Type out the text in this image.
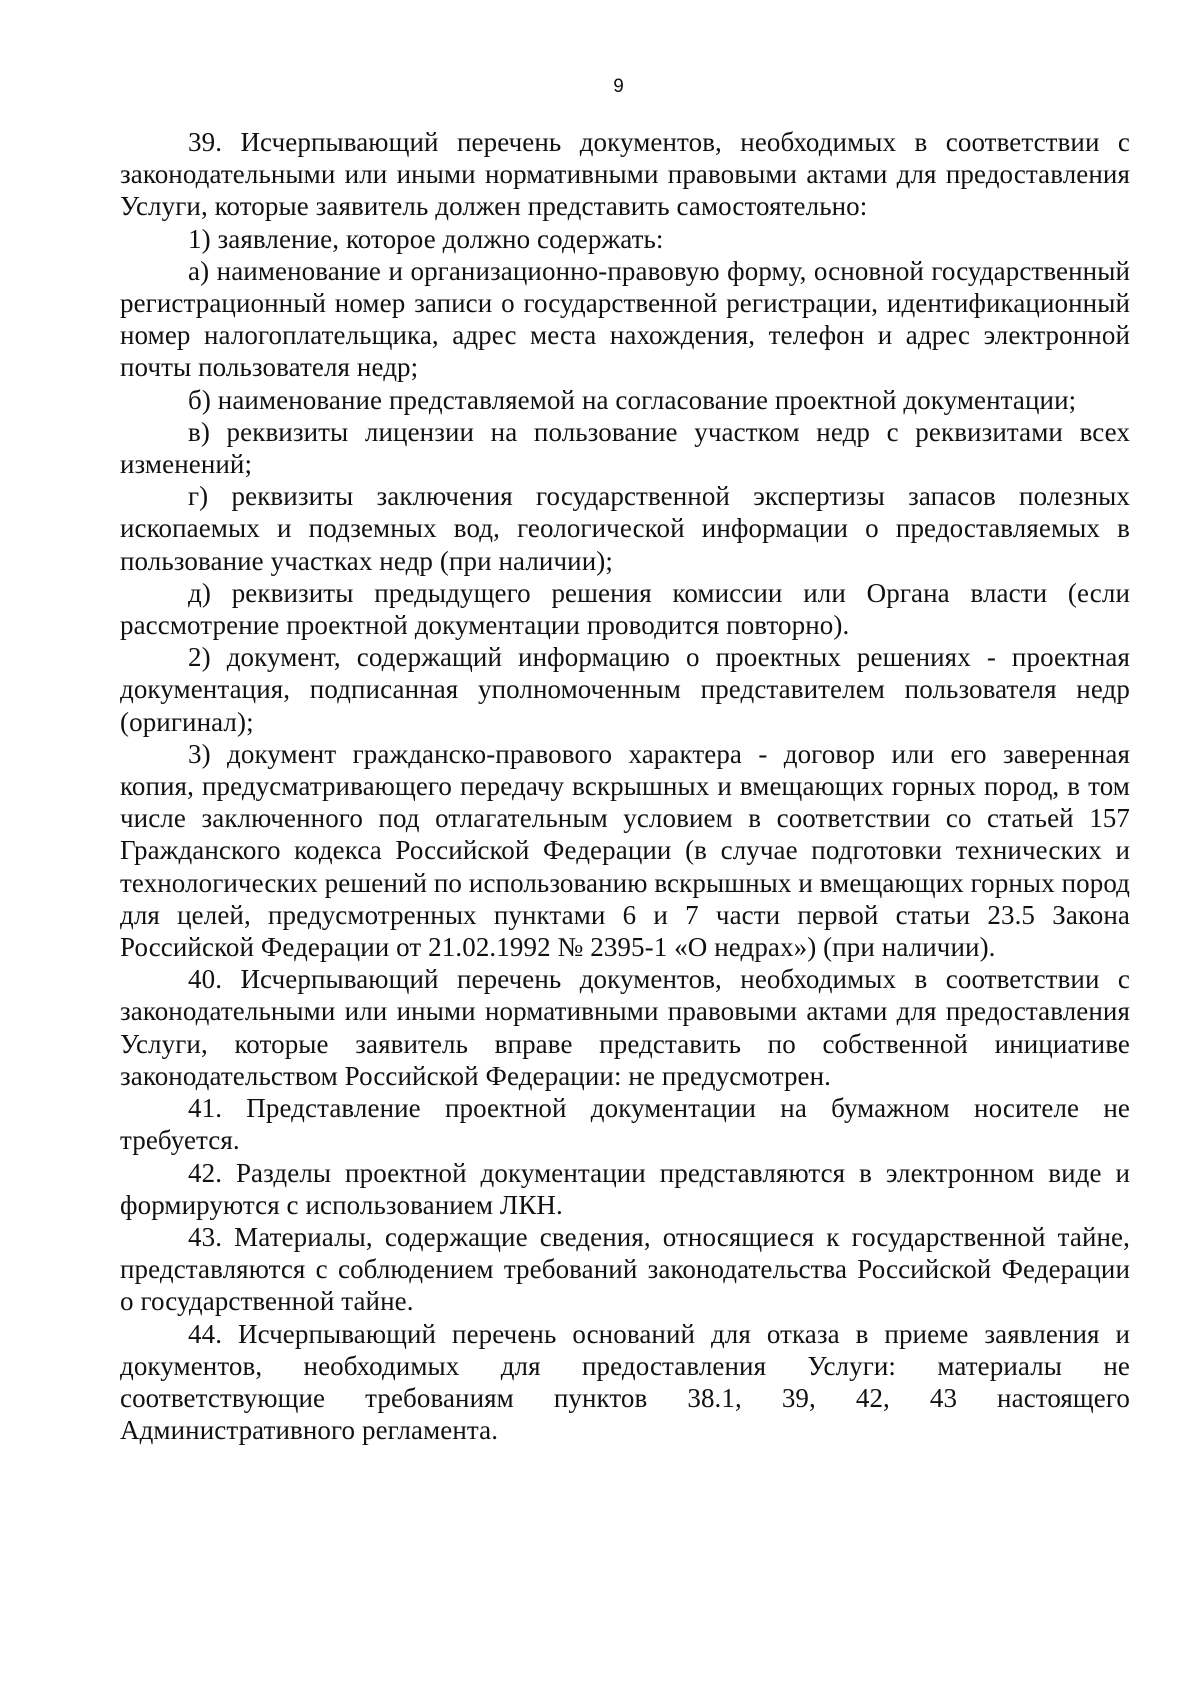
9

39. Исчерпывающий перечень документов, необходимых в соответствии с законодательными или иными нормативными правовыми актами для предоставления Услуги, которые заявитель должен представить самостоятельно:

1) заявление, которое должно содержать:

а) наименование и организационно-правовую форму, основной государственный регистрационный номер записи о государственной регистрации, идентификационный номер налогоплательщика, адрес места нахождения, телефон и адрес электронной почты пользователя недр;

б) наименование представляемой на согласование проектной документации;

в) реквизиты лицензии на пользование участком недр с реквизитами всех изменений;

г) реквизиты заключения государственной экспертизы запасов полезных ископаемых и подземных вод, геологической информации о предоставляемых в пользование участках недр (при наличии);

д) реквизиты предыдущего решения комиссии или Органа власти (если рассмотрение проектной документации проводится повторно).

2) документ, содержащий информацию о проектных решениях - проектная документация, подписанная уполномоченным представителем пользователя недр (оригинал);

3) документ гражданско-правового характера - договор или его заверенная копия, предусматривающего передачу вскрышных и вмещающих горных пород, в том числе заключенного под отлагательным условием в соответствии со статьей 157 Гражданского кодекса Российской Федерации (в случае подготовки технических и технологических решений по использованию вскрышных и вмещающих горных пород для целей, предусмотренных пунктами 6 и 7 части первой статьи 23.5 Закона Российской Федерации от 21.02.1992 № 2395-1 «О недрах») (при наличии).

40. Исчерпывающий перечень документов, необходимых в соответствии с законодательными или иными нормативными правовыми актами для предоставления Услуги, которые заявитель вправе представить по собственной инициативе законодательством Российской Федерации: не предусмотрен.

41. Представление проектной документации на бумажном носителе не требуется.

42. Разделы проектной документации представляются в электронном виде и формируются с использованием ЛКН.

43. Материалы, содержащие сведения, относящиеся к государственной тайне, представляются с соблюдением требований законодательства Российской Федерации о государственной тайне.

44. Исчерпывающий перечень оснований для отказа в приеме заявления и документов, необходимых для предоставления Услуги: материалы не соответствующие требованиям пунктов 38.1, 39, 42, 43 настоящего Административного регламента.
